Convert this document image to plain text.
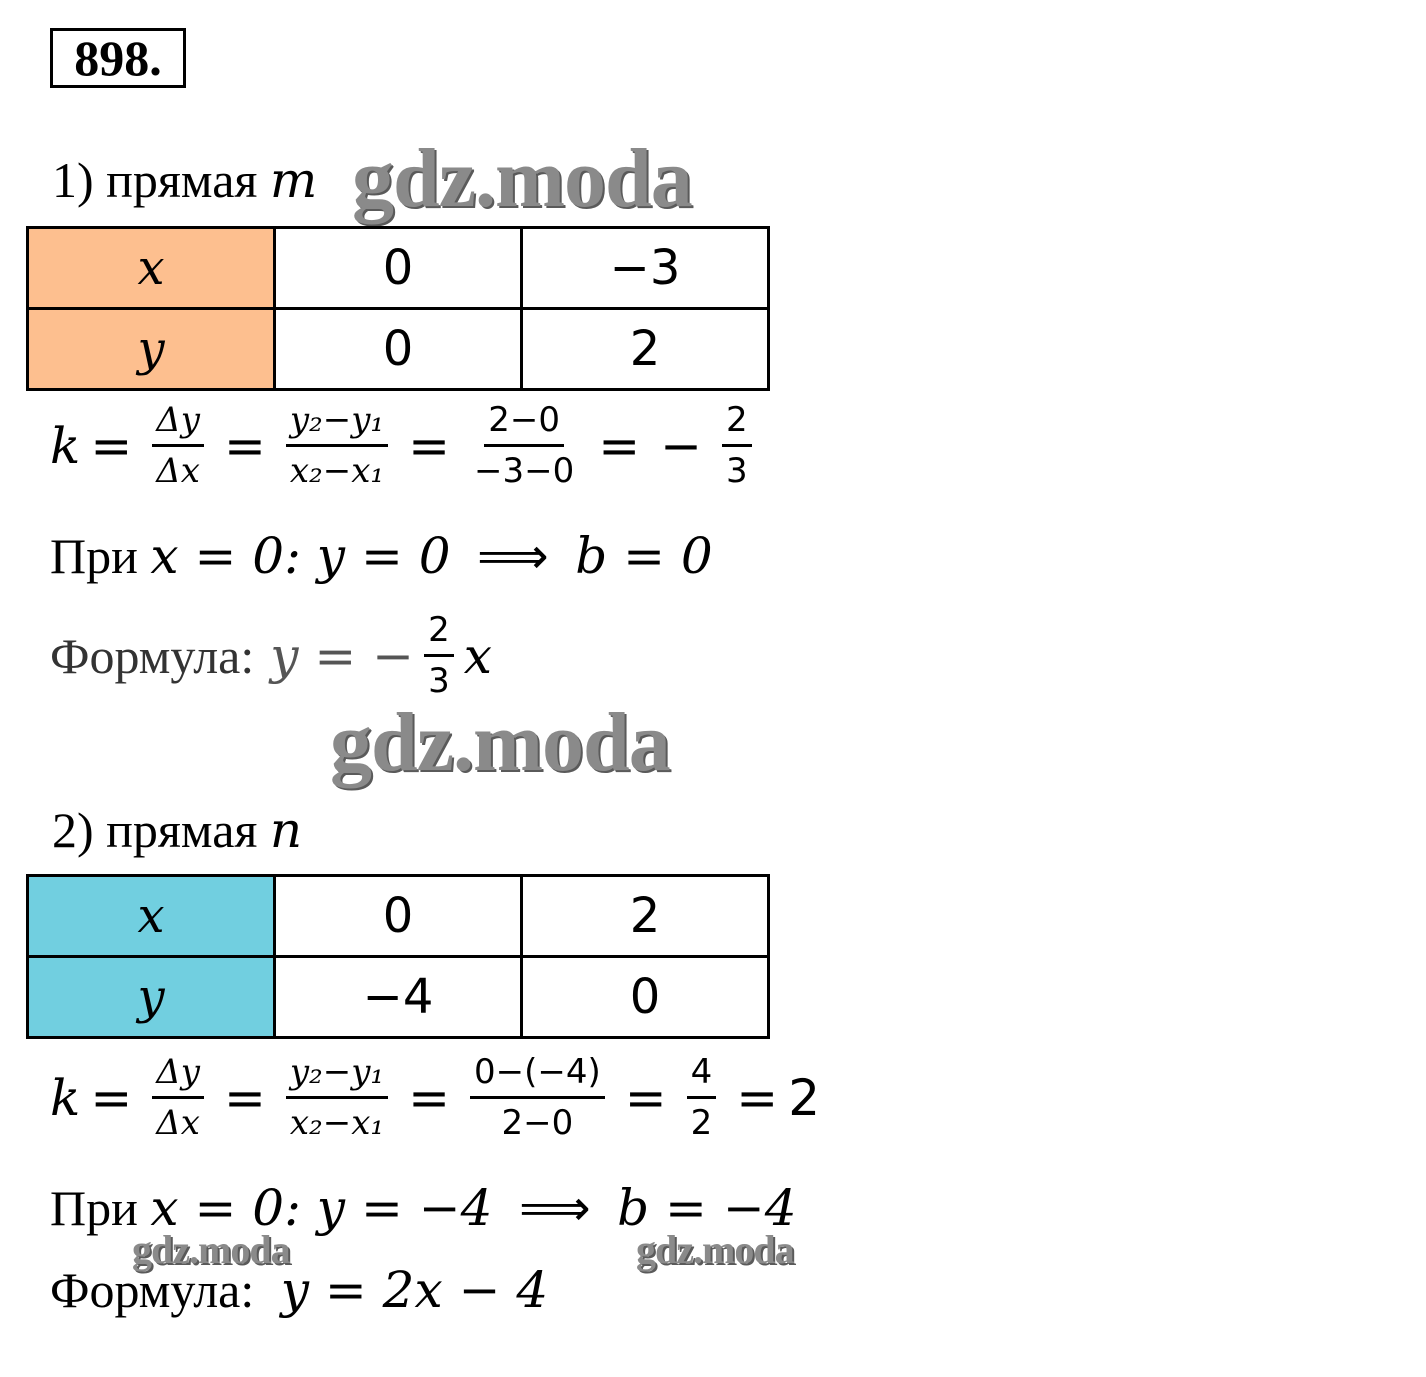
898.
1) прямая m gdz.moda
x	0	−3
y	0	2
$k = \frac{\Delta y}{\Delta x} = \frac{\text{y₂−y₁}}{\text{x₂−x₁}} = \frac{2-0}{-3-0}$ = − $\frac{2}{3}$
При x = 0: y = 0 ⟹ b = 0
Формула: y = − $\frac{2}{3}$ x
gdz.moda
2) прямая n
x	0	2
y	−4	0
$k = \frac{\Delta y}{\Delta x} = \frac{\text{y₂−y₁}}{\text{x₂−x₁}} = \frac{0-(-4)}{2-0} = \frac{4}{2} = 2$
При x = 0: y = −4 ⟹ b = −4
gdz.moda	gdz.moda
Формула: y = 2x − 4
